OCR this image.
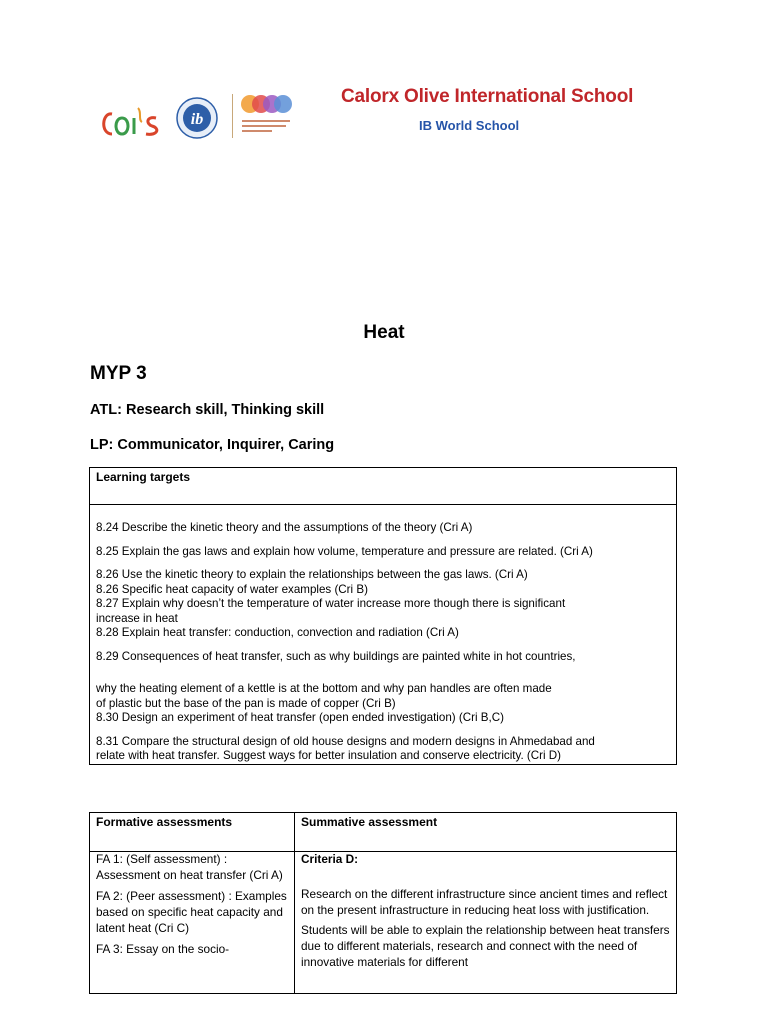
ib
Calorx Olive International School
IB World School
Heat
MYP 3
ATL: Research skill, Thinking skill
LP: Communicator, Inquirer, Caring
Learning targets
8.24 Describe the kinetic theory and the assumptions of the theory (Cri A)
8.25 Explain the gas laws and explain how volume, temperature and pressure are related. (Cri A)
8.26 Use the kinetic theory to explain the relationships between the gas laws. (Cri A)
8.26 Specific heat capacity of water examples (Cri B)
8.27 Explain why doesn’t the temperature of water increase more though there is significant
increase in heat
8.28 Explain heat transfer: conduction, convection and radiation (Cri A)
8.29 Consequences of heat transfer, such as why buildings are painted white in hot countries,
why the heating element of a kettle is at the bottom and why pan handles are often made
of plastic but the base of the pan is made of copper (Cri B)
8.30 Design an experiment of heat transfer (open ended investigation) (Cri B,C)
8.31 Compare the structural design of old house designs and modern designs in Ahmedabad and
relate with heat transfer. Suggest ways for better insulation and conserve electricity. (Cri D)
Formative assessments	Summative assessment
FA 1: (Self assessment) : Assessment on heat transfer (Cri A)
FA 2: (Peer assessment) : Examples based on specific heat capacity and latent heat (Cri C)
FA 3: Essay on the socio-
Criteria D:
Research on the different infrastructure since ancient times and reflect on the present infrastructure in reducing heat loss with justification.
Students will be able to explain the relationship between heat transfers due to different materials, research and connect with the need of innovative materials for different
